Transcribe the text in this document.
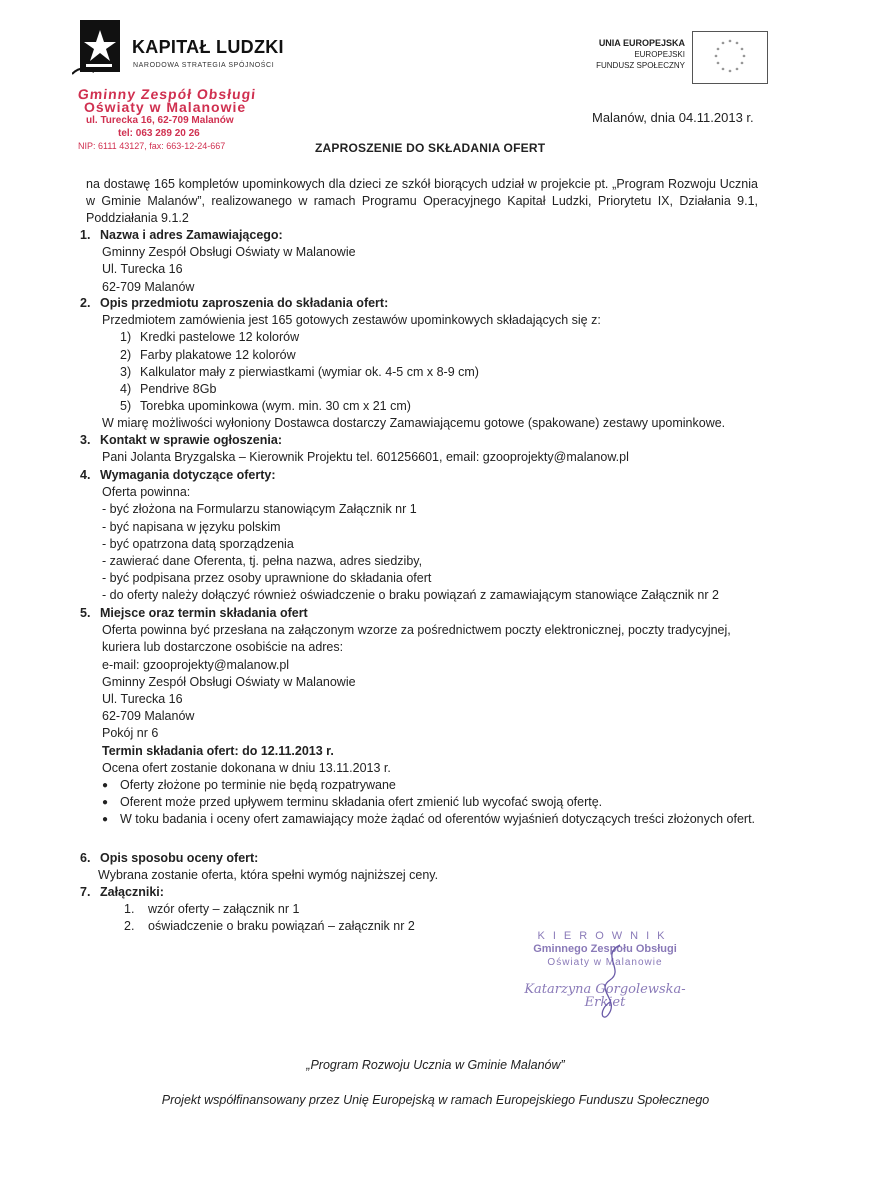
KAPITAŁ LUDZKI
NARODOWA STRATEGIA SPÓJNOŚCI
UNIA EUROPEJSKA
EUROPEJSKI
FUNDUSZ SPOŁECZNY
* *
*
*
*
*
*
*
*
*
*
*
Gminny Zespół Obsługi
Oświaty w Malanowie
ul. Turecka 16, 62-709 Malanów
tel: 063 289 20 26
NIP: 6111 43127, fax: 663-12-24-667
Malanów, dnia 04.11.2013 r.
ZAPROSZENIE DO SKŁADANIA OFERT
na dostawę 165 kompletów upominkowych dla dzieci ze szkół biorących udział w projekcie pt. „Program Rozwoju Ucznia w Gminie Malanów”, realizowanego w ramach Programu Operacyjnego Kapitał Ludzki, Priorytetu IX, Działania 9.1, Poddziałania 9.1.2
1. Nazwa i adres Zamawiającego:
Gminny Zespół Obsługi Oświaty w Malanowie
Ul. Turecka 16
62-709 Malanów
2. Opis przedmiotu zaproszenia do składania ofert:
Przedmiotem zamówienia jest 165 gotowych zestawów upominkowych składających się z:
1) Kredki pastelowe 12 kolorów
2) Farby plakatowe 12 kolorów
3) Kalkulator mały z pierwiastkami (wymiar ok. 4-5 cm x 8-9 cm)
4) Pendrive 8Gb
5) Torebka upominkowa (wym. min. 30 cm x 21 cm)
W miarę możliwości wyłoniony Dostawca dostarczy Zamawiającemu gotowe (spakowane) zestawy upominkowe.
3. Kontakt w sprawie ogłoszenia:
Pani Jolanta Bryzgalska – Kierownik Projektu tel. 601256601, email: gzooprojekty@malanow.pl
4. Wymagania dotyczące oferty:
Oferta powinna:
- być złożona na Formularzu stanowiącym Załącznik nr 1
- być napisana w języku polskim
- być opatrzona datą sporządzenia
- zawierać dane Oferenta, tj. pełna nazwa, adres siedziby,
- być podpisana przez osoby uprawnione do składania ofert
- do oferty należy dołączyć również oświadczenie o braku powiązań z zamawiającym stanowiące Załącznik nr 2
5. Miejsce oraz termin składania ofert
Oferta powinna być przesłana na załączonym wzorze za pośrednictwem poczty elektronicznej, poczty tradycyjnej,
kuriera lub dostarczone osobiście na adres:
e-mail: gzooprojekty@malanow.pl
Gminny Zespół Obsługi Oświaty w Malanowie
Ul. Turecka 16
62-709 Malanów
Pokój nr 6
Termin składania ofert: do 12.11.2013 r.
Ocena ofert zostanie dokonana w dniu 13.11.2013 r.
● Oferty złożone po terminie nie będą rozpatrywane
● Oferent może przed upływem terminu składania ofert zmienić lub wycofać swoją ofertę.
● W toku badania i oceny ofert zamawiający może żądać od oferentów wyjaśnień dotyczących treści złożonych ofert.
6. Opis sposobu oceny ofert:
Wybrana zostanie oferta, która spełni wymóg najniższej ceny.
7. Załączniki:
1.	wzór oferty – załącznik nr 1
2.	oświadczenie o braku powiązań – załącznik nr 2
KIEROWNIK
Gminnego Zespołu Obsługi
Oświaty w Malanowie
Katarzyna Gorgolewska-Erkiet
„Program Rozwoju Ucznia w Gminie Malanów”
Projekt współfinansowany przez Unię Europejską w ramach Europejskiego Funduszu Społecznego
